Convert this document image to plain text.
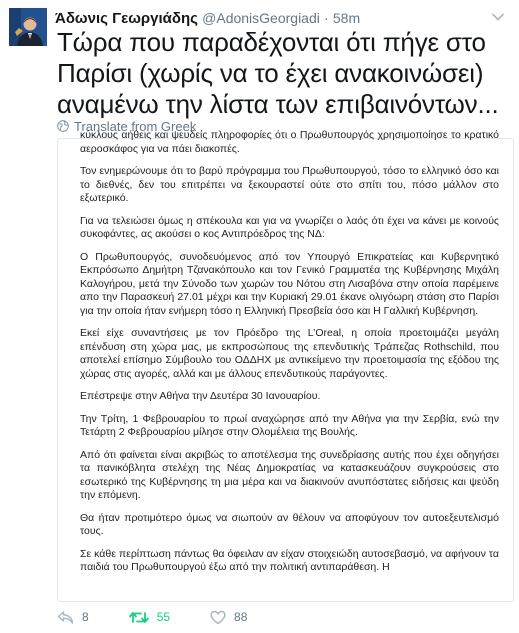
Άδωνις Γεωργιάδης @AdonisGeorgiadi · 58m
Τώρα που παραδέχονται ότι πήγε στο Παρίσι (χωρίς να το έχει ανακοινώσει) αναμένω την λίστα των επιβαινόντων...
Translate from Greek

κύκλους αήθεις και ψευδείς πληροφορίες ότι ο Πρωθυπουργός χρησιμοποίησε το κρατικό αεροσκάφος για να πάει διακοπές.

Τον ενημερώνουμε ότι το βαρύ πρόγραμμα του Πρωθυπουργού, τόσο το ελληνικό όσο και το διεθνές, δεν του επιτρέπει να ξεκουραστεί ούτε στο σπίτι του, πόσο μάλλον στο εξωτερικό.

Για να τελειώσει όμως η σπέκουλα και για να γνωρίζει ο λαός ότι έχει να κάνει με κοινούς συκοφάντες, ας ακούσει ο κος Αντιπρόεδρος της ΝΔ:

Ο Πρωθυπουργός, συνοδευόμενος από τον Υπουργό Επικρατείας και Κυβερνητικό Εκπρόσωπο Δημήτρη Τζανακόπουλο και τον Γενικό Γραμματέα της Κυβέρνησης Μιχάλη Καλογήρου, μετά την Σύνοδο των χωρών του Νότου στη Λισαβόνα στην οποία παρέμεινε απο την Παρασκευή 27.01 μέχρι και την Κυριακή 29.01 έκανε ολιγόωρη στάση στο Παρίσι για την οποία ήταν ενήμερη τόσο η Ελληνική Πρεσβεία όσο και Η Γαλλική Κυβέρνηση.

Εκεί είχε συναντήσεις με τον Πρόεδρο της L’Oreal, η οποία προετοιμάζει μεγάλη επένδυση στη χώρα μας, με εκπροσώπους της επενδυτικής Τράπεζας Rothschild, που αποτελεί επίσημο Σύμβουλο του ΟΔΔΗΧ με αντικείμενο την προετοιμασία της εξόδου της χώρας στις αγορές, αλλά και με άλλους επενδυτικούς παράγοντες.

Επέστρεψε στην Αθήνα την Δευτέρα 30 Ιανουαρίου.

Την Τρίτη, 1 Φεβρουαρίου το πρωί αναχώρησε από την Αθήνα για την Σερβία, ενώ την Τετάρτη 2 Φεβρουαρίου μίλησε στην Ολομέλεια της Βουλής.

Από ότι φαίνεται είναι ακριβώς το αποτέλεσμα της συνεδρίασης αυτής που έχει οδηγήσει τα πανικόβλητα στελέχη της Νέας Δημοκρατίας να κατασκευάζουν συγκρούσεις στο εσωτερικό της Κυβέρνησης τη μια μέρα και να διακινούν ανυπόστατες ειδήσεις και ψεύδη την επόμενη.

Θα ήταν προτιμότερο όμως να σιωπούν αν θέλουν να αποφύγουν τον αυτοεξευτελισμό τους.

Σε κάθε περίπτωση πάντως θα όφειλαν αν είχαν στοιχειώδη αυτοσεβασμό, να αφήνουν τα παιδιά του Πρωθυπουργού έξω από την πολιτική αντιπαράθεση. Η

8	55	88
